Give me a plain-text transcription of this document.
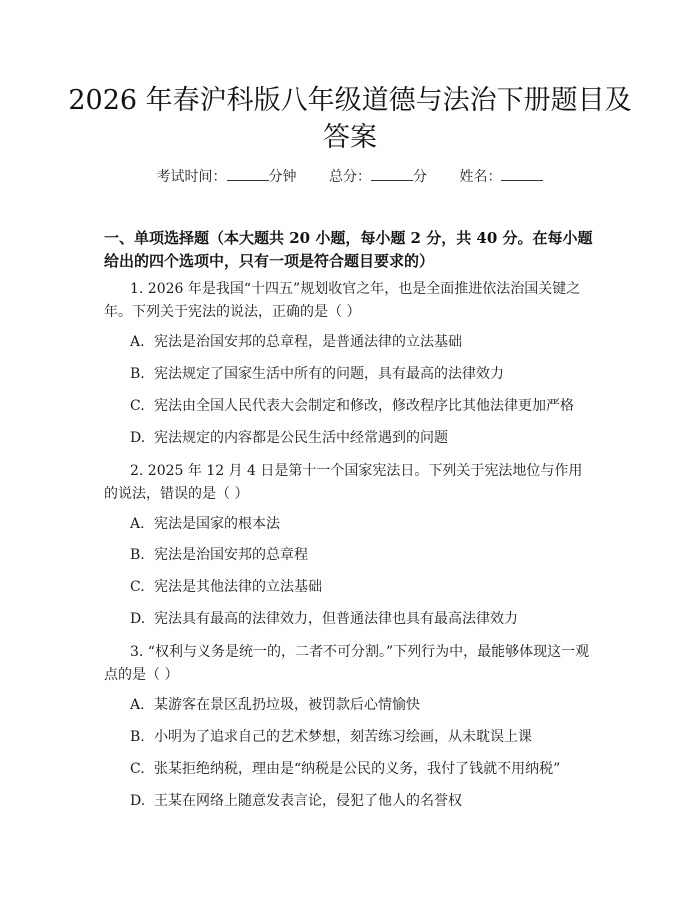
2026 年春沪科版八年级道德与法治下册题目及答案
考试时间：	分钟 总分：	分 姓名：
一、单项选择题（本大题共 20 小题，每小题 2 分，共 40 分。在每小题给出的四个选项中，只有一项是符合题目要求的）
1. 2026 年是我国“十四五”规划收官之年，也是全面推进依法治国关键之年。下列关于宪法的说法，正确的是（ ）
A. 宪法是治国安邦的总章程，是普通法律的立法基础
B. 宪法规定了国家生活中所有的问题，具有最高的法律效力
C. 宪法由全国人民代表大会制定和修改，修改程序比其他法律更加严格
D. 宪法规定的内容都是公民生活中经常遇到的问题
2. 2025 年 12 月 4 日是第十一个国家宪法日。下列关于宪法地位与作用的说法，错误的是（ ）
A. 宪法是国家的根本法
B. 宪法是治国安邦的总章程
C. 宪法是其他法律的立法基础
D. 宪法具有最高的法律效力，但普通法律也具有最高法律效力
3. “权利与义务是统一的，二者不可分割。”下列行为中，最能够体现这一观点的是（ ）
A. 某游客在景区乱扔垃圾，被罚款后心情愉快
B. 小明为了追求自己的艺术梦想，刻苦练习绘画，从未耽误上课
C. 张某拒绝纳税，理由是“纳税是公民的义务，我付了钱就不用纳税”
D. 王某在网络上随意发表言论，侵犯了他人的名誉权
